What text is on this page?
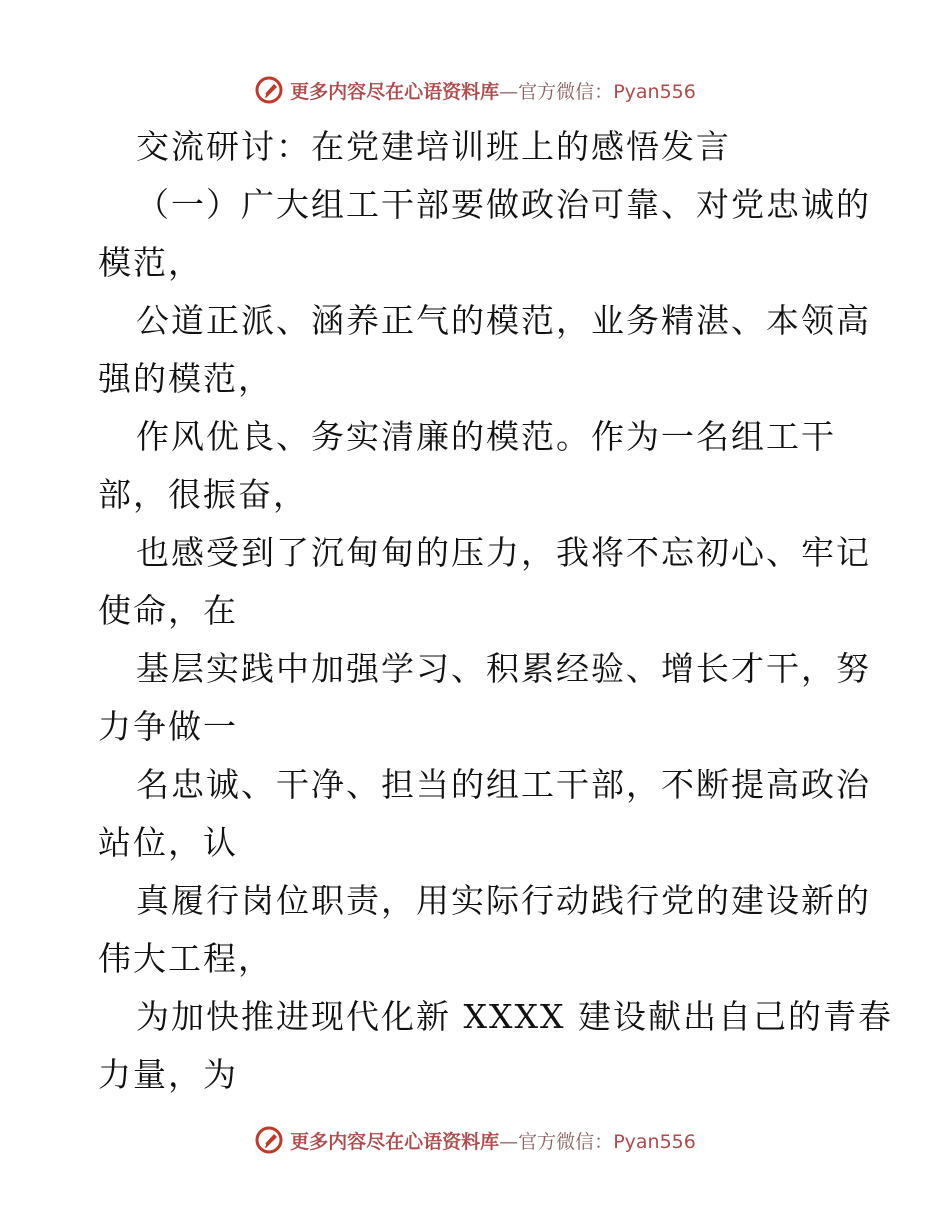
更多内容尽在心语资料库—官方微信：Pyan556
交流研讨：在党建培训班上的感悟发言
（一）广大组工干部要做政治可靠、对党忠诚的
模范，
公道正派、涵养正气的模范，业务精湛、本领高
强的模范，
作风优良、务实清廉的模范。作为一名组工干
部，很振奋，
也感受到了沉甸甸的压力，我将不忘初心、牢记
使命，在
基层实践中加强学习、积累经验、增长才干，努
力争做一
名忠诚、干净、担当的组工干部，不断提高政治
站位，认
真履行岗位职责，用实际行动践行党的建设新的
伟大工程，
为加快推进现代化新 XXXX 建设献出自己的青春
力量，为
更多内容尽在心语资料库—官方微信：Pyan556
